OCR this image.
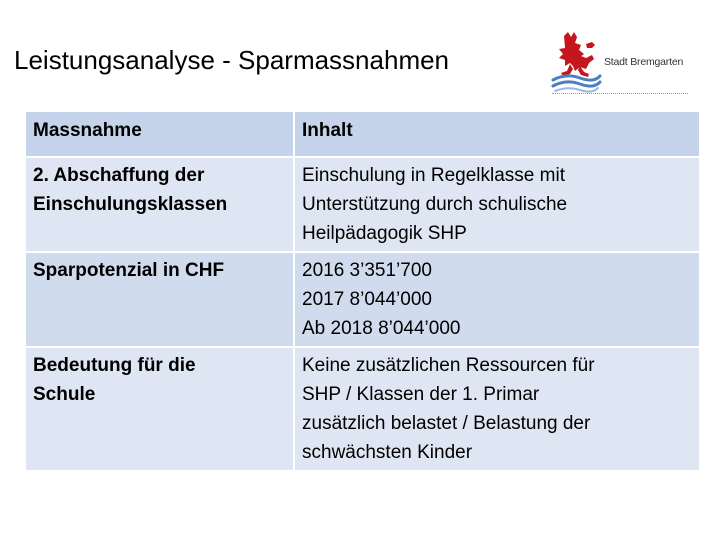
Leistungsanalyse - Sparmassnahmen	Stadt Bremgarten
Massnahme	Inhalt

2. Abschaffung der
Einschulungsklassen	Einschulung in Regelklasse mit
Unterstützung durch schulische
Heilpädagogik SHP

Sparpotenzial in CHF	2016 3’351’700
2017 8’044’000
Ab 2018 8’044’000

Bedeutung für die
Schule	Keine zusätzlichen Ressourcen für
SHP / Klassen der 1. Primar
zusätzlich belastet / Belastung der
schwächsten Kinder
